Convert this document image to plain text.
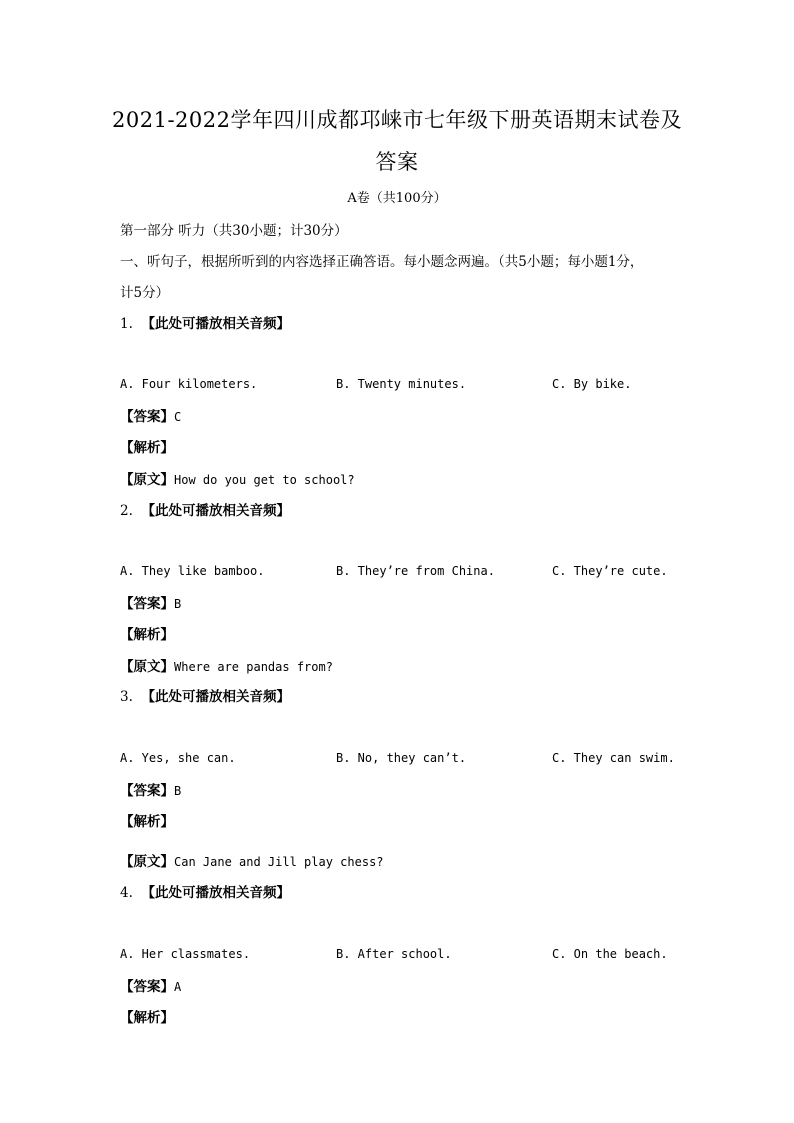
2021-2022学年四川成都邛崃市七年级下册英语期末试卷及
答案
A卷（共100分）
第一部分 听力（共30小题；计30分）
一、听句子，根据所听到的内容选择正确答语。每小题念两遍。（共5小题；每小题1分，
计5分）
1. 【此处可播放相关音频】
A. Four kilometers.	B. Twenty minutes.	C. By bike.
【答案】C
【解析】
【原文】How do you get to school?
2. 【此处可播放相关音频】
A. They like bamboo.	B. They’re from China.	C. They’re cute.
【答案】B
【解析】
【原文】Where are pandas from?
3. 【此处可播放相关音频】
A. Yes, she can.	B. No, they can’t.	C. They can swim.
【答案】B
【解析】
【原文】Can Jane and Jill play chess?
4. 【此处可播放相关音频】
A. Her classmates.	B. After school.	C. On the beach.
【答案】A
【解析】
